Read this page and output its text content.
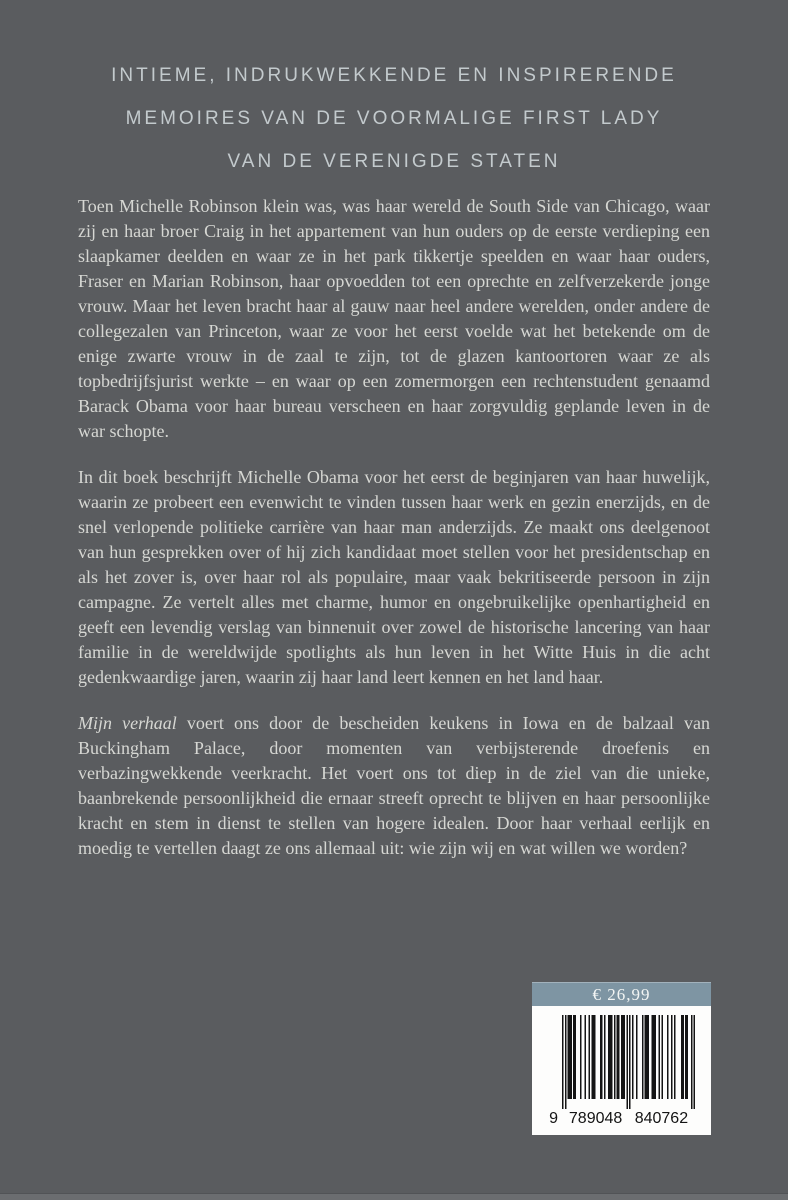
INTIEME, INDRUKWEKKENDE EN INSPIRERENDE
MEMOIRES VAN DE VOORMALIGE FIRST LADY
VAN DE VERENIGDE STATEN

Toen Michelle Robinson klein was, was haar wereld de South Side van Chicago, waar zij en haar broer Craig in het appartement van hun ouders op de eerste verdieping een slaapkamer deelden en waar ze in het park tikkertje speelden en waar haar ouders, Fraser en Marian Robinson, haar opvoedden tot een oprechte en zelfverzekerde jonge vrouw. Maar het leven bracht haar al gauw naar heel andere werelden, onder andere de collegezalen van Princeton, waar ze voor het eerst voelde wat het betekende om de enige zwarte vrouw in de zaal te zijn, tot de glazen kantoortoren waar ze als topbedrijfsjurist werkte – en waar op een zomermorgen een rechtenstudent genaamd Barack Obama voor haar bureau verscheen en haar zorgvuldig geplande leven in de war schopte.

In dit boek beschrijft Michelle Obama voor het eerst de beginjaren van haar huwelijk, waarin ze probeert een evenwicht te vinden tussen haar werk en gezin enerzijds, en de snel verlopende politieke carrière van haar man anderzijds. Ze maakt ons deelgenoot van hun gesprekken over of hij zich kandidaat moet stellen voor het presidentschap en als het zover is, over haar rol als populaire, maar vaak bekritiseerde persoon in zijn campagne. Ze vertelt alles met charme, humor en ongebruikelijke openhartigheid en geeft een levendig verslag van binnenuit over zowel de historische lancering van haar familie in de wereldwijde spotlights als hun leven in het Witte Huis in die acht gedenkwaardige jaren, waarin zij haar land leert kennen en het land haar.

Mijn verhaal voert ons door de bescheiden keukens in Iowa en de balzaal van Buckingham Palace, door momenten van verbijsterende droefenis en verbazingwekkende veerkracht. Het voert ons tot diep in de ziel van die unieke, baanbrekende persoonlijkheid die ernaar streeft oprecht te blijven en haar persoonlijke kracht en stem in dienst te stellen van hogere idealen. Door haar verhaal eerlijk en moedig te vertellen daagt ze ons allemaal uit: wie zijn wij en wat willen we worden?

€ 26,99
9 789048 840762
